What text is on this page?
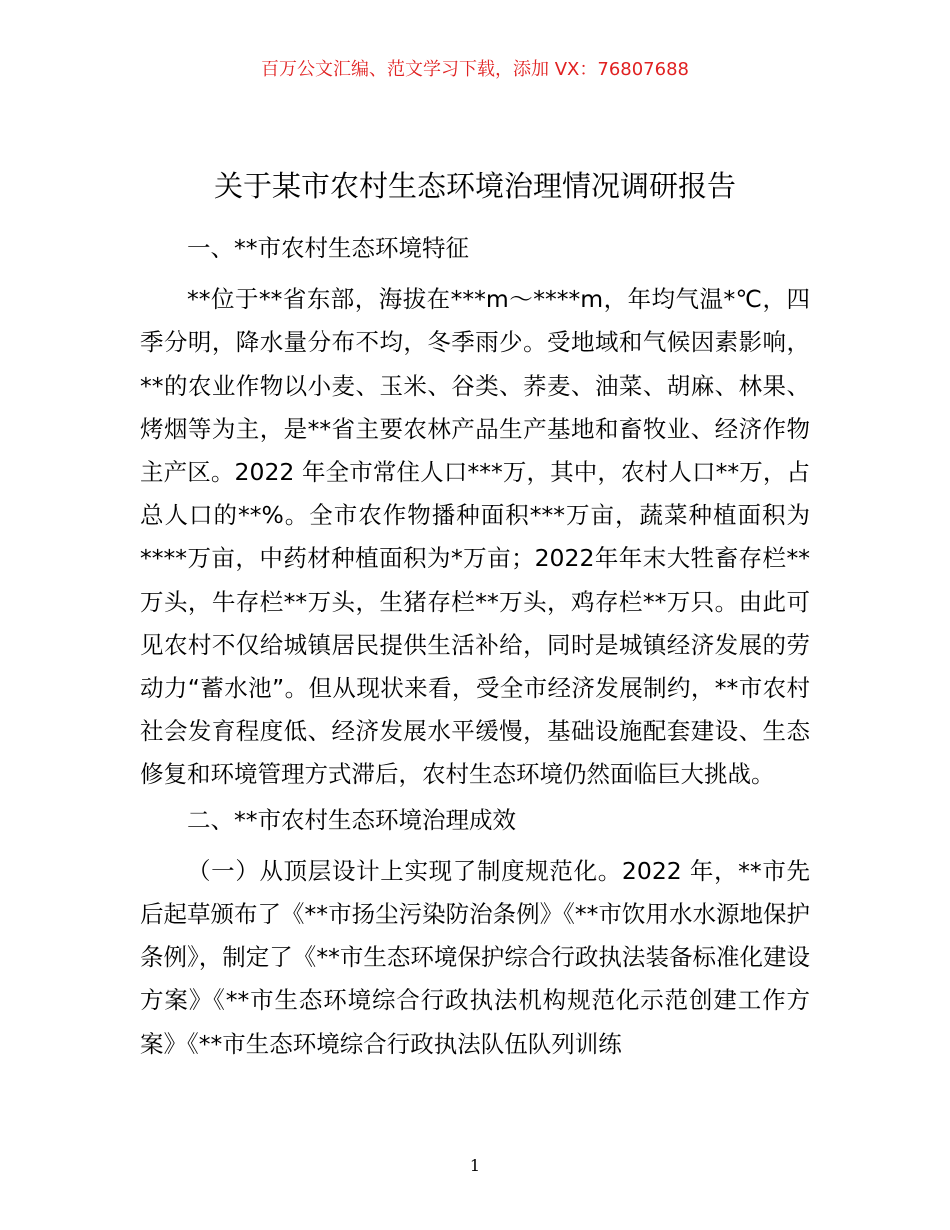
百万公文汇编、范文学习下载，添加 VX：76807688
关于某市农村生态环境治理情况调研报告

一、**市农村生态环境特征

**位于**省东部，海拔在***m～****m，年均气温*℃，四季分明，降水量分布不均，冬季雨少。受地域和气候因素影响，**的农业作物以小麦、玉米、谷类、荞麦、油菜、胡麻、林果、烤烟等为主，是**省主要农林产品生产基地和畜牧业、经济作物主产区。2022 年全市常住人口***万，其中，农村人口**万，占总人口的**%。全市农作物播种面积***万亩，蔬菜种植面积为****万亩，中药材种植面积为*万亩；2022年年末大牲畜存栏**万头，牛存栏**万头，生猪存栏**万头，鸡存栏**万只。由此可见农村不仅给城镇居民提供生活补给，同时是城镇经济发展的劳动力“蓄水池”。但从现状来看，受全市经济发展制约，**市农村社会发育程度低、经济发展水平缓慢，基础设施配套建设、生态修复和环境管理方式滞后，农村生态环境仍然面临巨大挑战。

二、**市农村生态环境治理成效

（一）从顶层设计上实现了制度规范化。2022 年，**市先后起草颁布了《**市扬尘污染防治条例》《**市饮用水水源地保护条例》，制定了《**市生态环境保护综合行政执法装备标准化建设方案》《**市生态环境综合行政执法机构规范化示范创建工作方案》《**市生态环境综合行政执法队伍队列训练

1
